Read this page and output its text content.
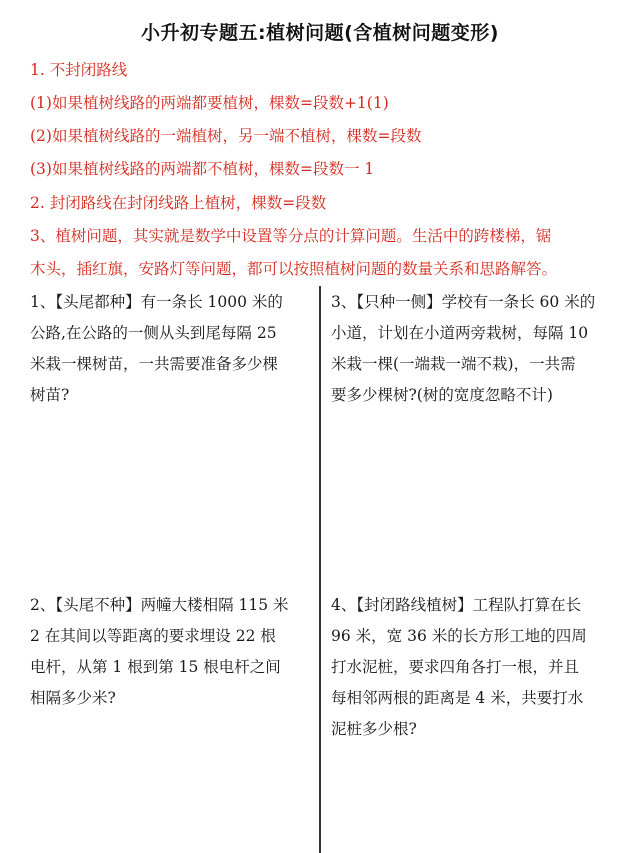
小升初专题五:植树问题(含植树问题变形)
1. 不封闭路线
(1)如果植树线路的两端都要植树，棵数=段数+1(1)
(2)如果植树线路的一端植树，另一端不植树，棵数=段数
(3)如果植树线路的两端都不植树，棵数=段数一 1
2. 封闭路线在封闭线路上植树，棵数=段数
3、植树问题，其实就是数学中设置等分点的计算问题。生活中的跨楼梯，锯
木头，插红旗，安路灯等问题，都可以按照植树问题的数量关系和思路解答。
1、【头尾都种】有一条长 1000 米的
公路,在公路的一侧从头到尾每隔 25
米栽一棵树苗，一共需要准备多少棵
树苗?
3、【只种一侧】学校有一条长 60 米的
小道，计划在小道两旁栽树，每隔 10
米栽一棵(一端栽一端不栽)，一共需
要多少棵树?(树的宽度忽略不计)
2、【头尾不种】两幢大楼相隔 115 米
2 在其间以等距离的要求埋设 22 根
电杆，从第 1 根到第 15 根电杆之间
相隔多少米?
4、【封闭路线植树】工程队打算在长
96 米，宽 36 米的长方形工地的四周
打水泥桩，要求四角各打一根，并且
每相邻两根的距离是 4 米，共要打水
泥桩多少根?
